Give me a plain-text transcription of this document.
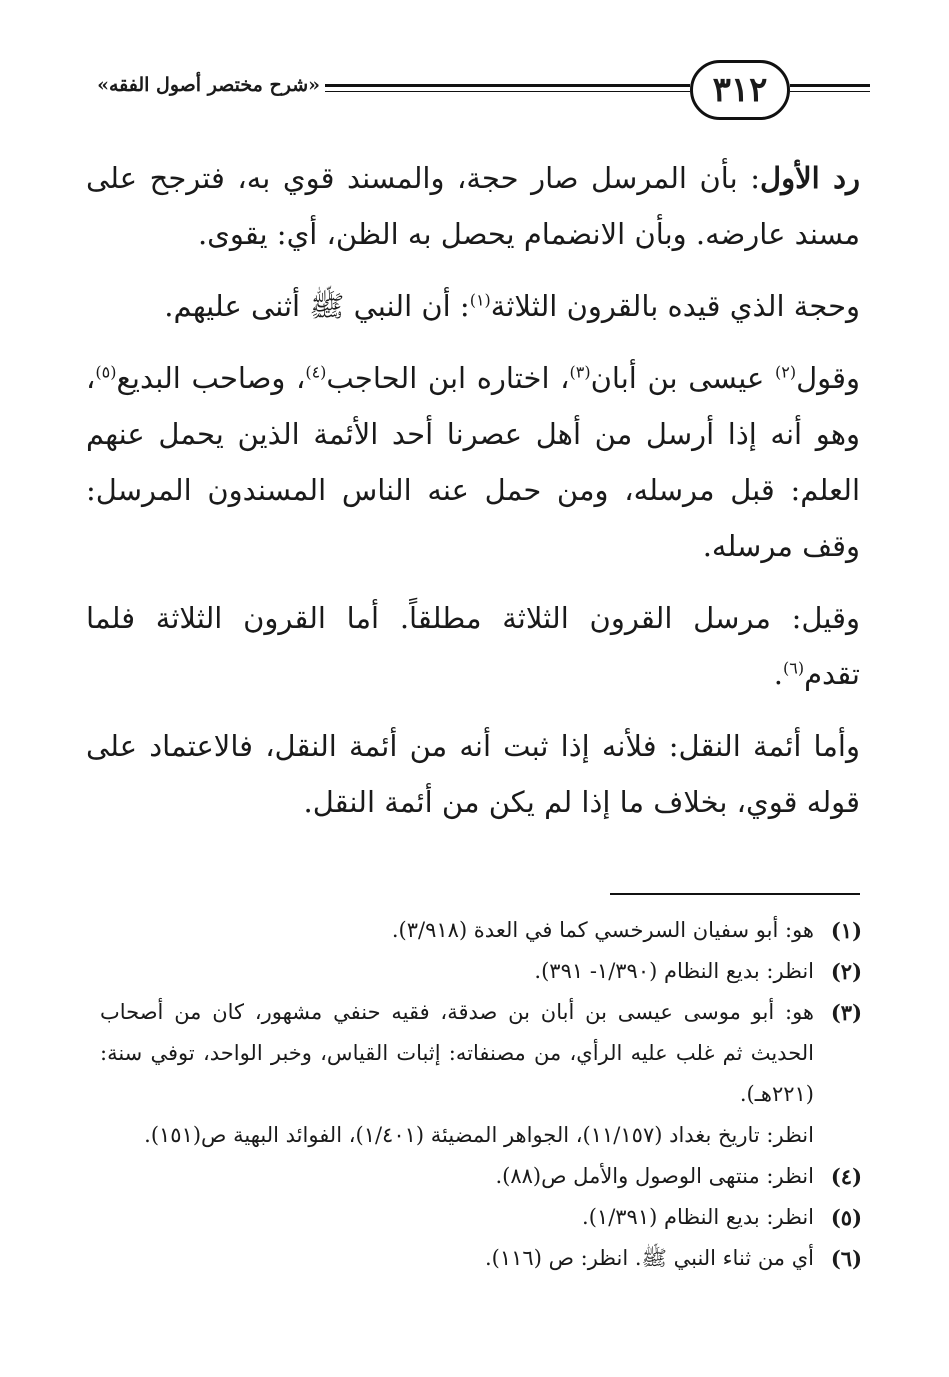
«شرح مختصر أصول الفقه»	٣١٢

رد الأول: بأن المرسل صار حجة، والمسند قوي به، فترجح على مسند عارضه. وبأن الانضمام يحصل به الظن، أي: يقوى.

وحجة الذي قيده بالقرون الثلاثة$^{(١)}$: أن النبي ﷺ أثنى عليهم.

وقول$^{(٢)}$ عيسى بن أبان$^{(٣)}$، اختاره ابن الحاجب$^{(٤)}$، وصاحب البديع$^{(٥)}$، وهو أنه إذا أرسل من أهل عصرنا أحد الأئمة الذين يحمل عنهم العلم: قبل مرسله، ومن حمل عنه الناس المسندون المرسل: وقف مرسله.

وقيل: مرسل القرون الثلاثة مطلقاً. أما القرون الثلاثة فلما تقدم$^{(٦)}$.

وأما أئمة النقل: فلأنه إذا ثبت أنه من أئمة النقل، فالاعتماد على قوله قوي، بخلاف ما إذا لم يكن من أئمة النقل.

(١)
هو: أبو سفيان السرخسي كما في العدة (٣/٩١٨).
(٢)
انظر: بديع النظام (١/٣٩٠- ٣٩١).
(٣)
هو: أبو موسى عيسى بن أبان بن صدقة، فقيه حنفي مشهور، كان من أصحاب الحديث ثم غلب عليه الرأي، من مصنفاته: إثبات القياس، وخبر الواحد، توفي سنة: (٢٢١هـ).
انظر: تاريخ بغداد (١١/١٥٧)، الجواهر المضيئة (١/٤٠١)، الفوائد البهية ص(١٥١).
(٤)
انظر: منتهى الوصول والأمل ص(٨٨).
(٥)
انظر: بديع النظام (١/٣٩١).
(٦)
أي من ثناء النبي ﷺ. انظر: ص (١١٦).
